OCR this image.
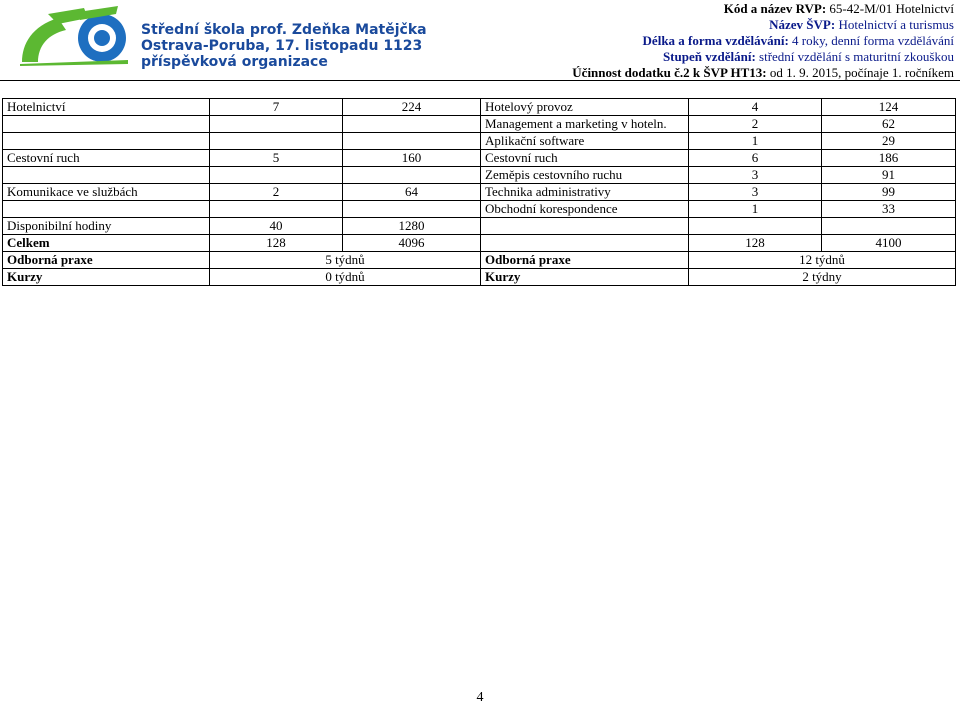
Střední škola prof. Zdeňka Matějčka
Ostrava-Poruba, 17. listopadu 1123
příspěvková organizace
Kód a název RVP: 65-42-M/01 Hotelnictví
Název ŠVP: Hotelnictví a turismus
Délka a forma vzdělávání: 4 roky, denní forma vzdělávání
Stupeň vzdělání: střední vzdělání s maturitní zkouškou
Účinnost dodatku č.2 k ŠVP HT13: od 1. 9. 2015, počínaje 1. ročníkem
Hotelnictví	7	224	Hotelový provoz	4	124
			Management a marketing v hoteln.	2	62
			Aplikační software	1	29
Cestovní ruch	5	160	Cestovní ruch	6	186
			Zeměpis cestovního ruchu	3	91
Komunikace ve službách	2	64	Technika administrativy	3	99
			Obchodní korespondence	1	33
Disponibilní hodiny	40	1280			
Celkem	128	4096		128	4100
Odborná praxe	5 týdnů		Odborná praxe	12 týdnů	
Kurzy	0 týdnů		Kurzy	2 týdny	
4
